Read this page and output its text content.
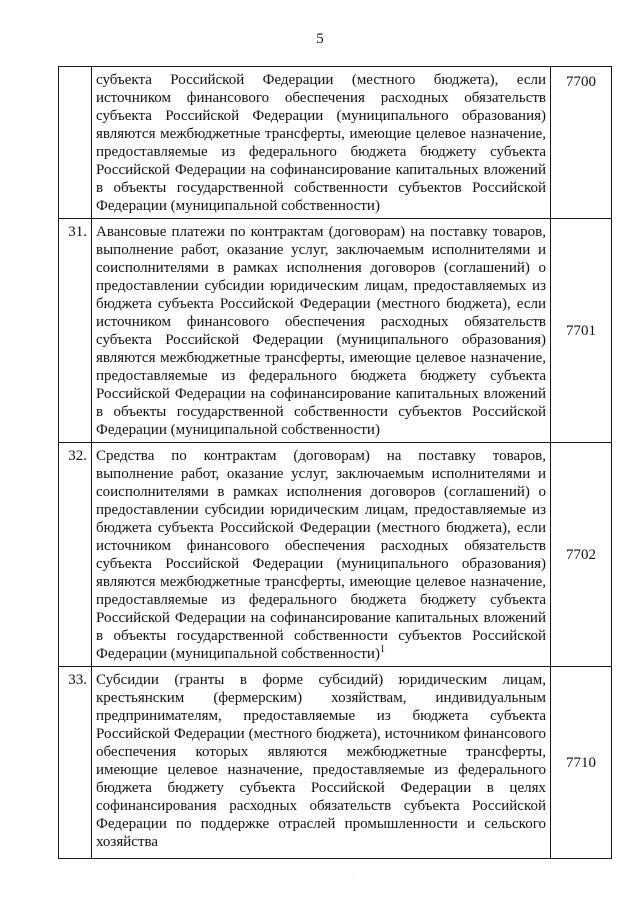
5
	субъекта Российской Федерации (местного бюджета), если источником финансового обеспечения расходных обязательств субъекта Российской Федерации (муниципального образования) являются межбюджетные трансферты, имеющие целевое назначение, предоставляемые из федерального бюджета бюджету субъекта Российской Федерации на софинансирование капитальных вложений в объекты государственной собственности субъектов Российской Федерации (муниципальной собственности)	7700
31.	Авансовые платежи по контрактам (договорам) на поставку товаров, выполнение работ, оказание услуг, заключаемым исполнителями и соисполнителями в рамках исполнения договоров (соглашений) о предоставлении субсидии юридическим лицам, предоставляемых из бюджета субъекта Российской Федерации (местного бюджета), если источником финансового обеспечения расходных обязательств субъекта Российской Федерации (муниципального образования) являются межбюджетные трансферты, имеющие целевое назначение, предоставляемые из федерального бюджета бюджету субъекта Российской Федерации на софинансирование капитальных вложений в объекты государственной собственности субъектов Российской Федерации (муниципальной собственности)	7701
32.	Средства по контрактам (договорам) на поставку товаров, выполнение работ, оказание услуг, заключаемым исполнителями и соисполнителями в рамках исполнения договоров (соглашений) о предоставлении субсидии юридическим лицам, предоставляемые из бюджета субъекта Российской Федерации (местного бюджета), если источником финансового обеспечения расходных обязательств субъекта Российской Федерации (муниципального образования) являются межбюджетные трансферты, имеющие целевое назначение, предоставляемые из федерального бюджета бюджету субъекта Российской Федерации на софинансирование капитальных вложений в объекты государственной собственности субъектов Российской Федерации (муниципальной собственности)$^1$	7702
33.	Субсидии (гранты в форме субсидий) юридическим лицам, крестьянским (фермерским) хозяйствам, индивидуальным предпринимателям, предоставляемые из бюджета субъекта Российской Федерации (местного бюджета), источником финансового обеспечения которых являются межбюджетные трансферты, имеющие целевое назначение, предоставляемые из федерального бюджета бюджету субъекта Российской Федерации в целях софинансирования расходных обязательств субъекта Российской Федерации по поддержке отраслей промышленности и сельского хозяйства	7710
·
